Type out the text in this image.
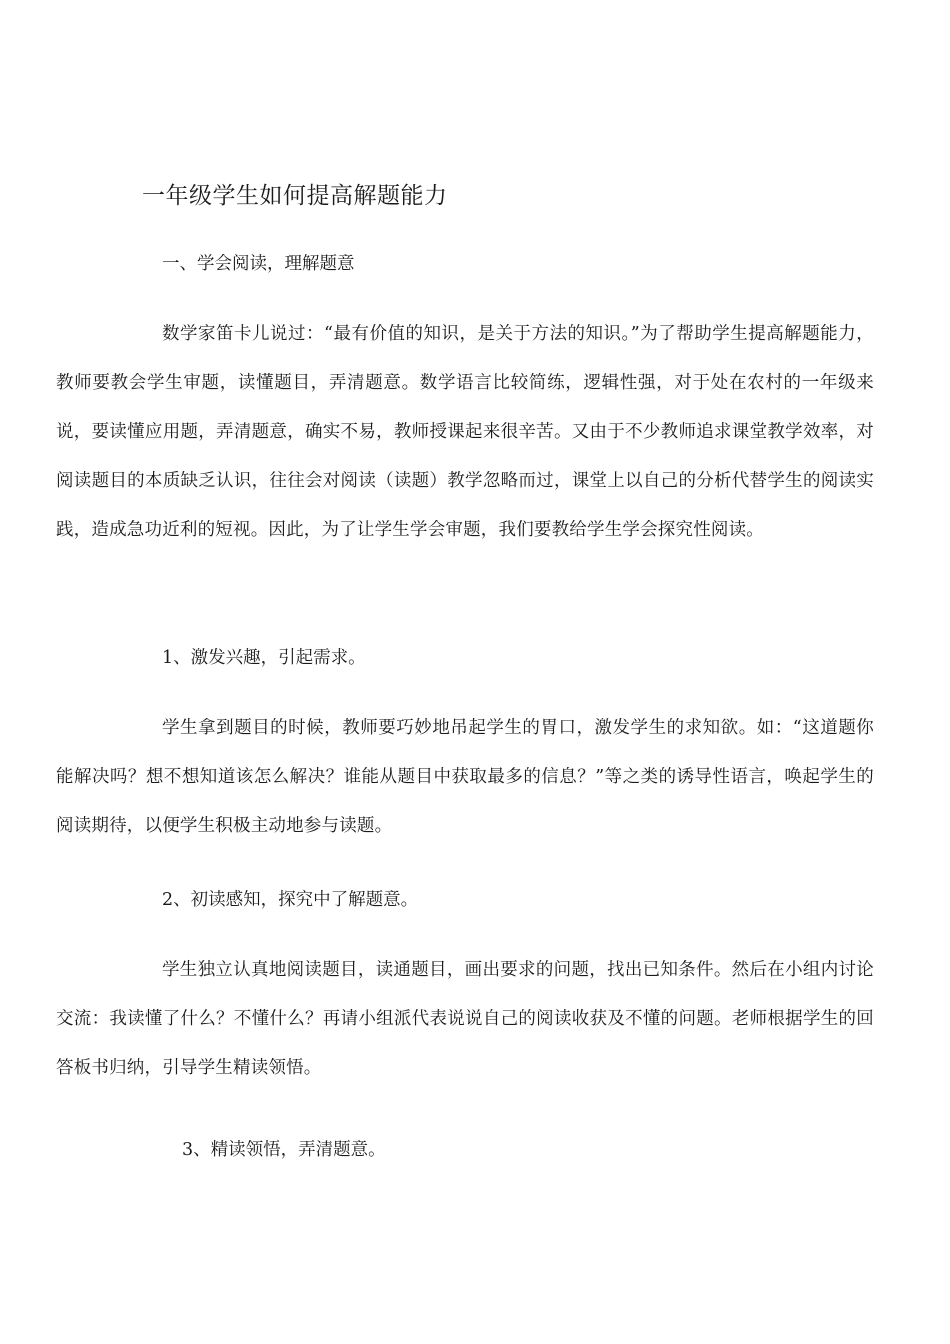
一年级学生如何提高解题能力
一、学会阅读，理解题意
数学家笛卡儿说过：“最有价值的知识，是关于方法的知识。”为了帮助学生提高解题能力，教师要教会学生审题，读懂题目，弄清题意。数学语言比较简练，逻辑性强，对于处在农村的一年级来说，要读懂应用题，弄清题意，确实不易，教师授课起来很辛苦。又由于不少教师追求课堂教学效率，对阅读题目的本质缺乏认识，往往会对阅读（读题）教学忽略而过，课堂上以自己的分析代替学生的阅读实践，造成急功近利的短视。因此，为了让学生学会审题，我们要教给学生学会探究性阅读。
1、激发兴趣，引起需求。
学生拿到题目的时候，教师要巧妙地吊起学生的胃口，激发学生的求知欲。如：“这道题你能解决吗？想不想知道该怎么解决？谁能从题目中获取最多的信息？”等之类的诱导性语言，唤起学生的阅读期待，以便学生积极主动地参与读题。
2、初读感知，探究中了解题意。
学生独立认真地阅读题目，读通题目，画出要求的问题，找出已知条件。然后在小组内讨论交流：我读懂了什么？不懂什么？再请小组派代表说说自己的阅读收获及不懂的问题。老师根据学生的回答板书归纳，引导学生精读领悟。
3、精读领悟，弄清题意。
